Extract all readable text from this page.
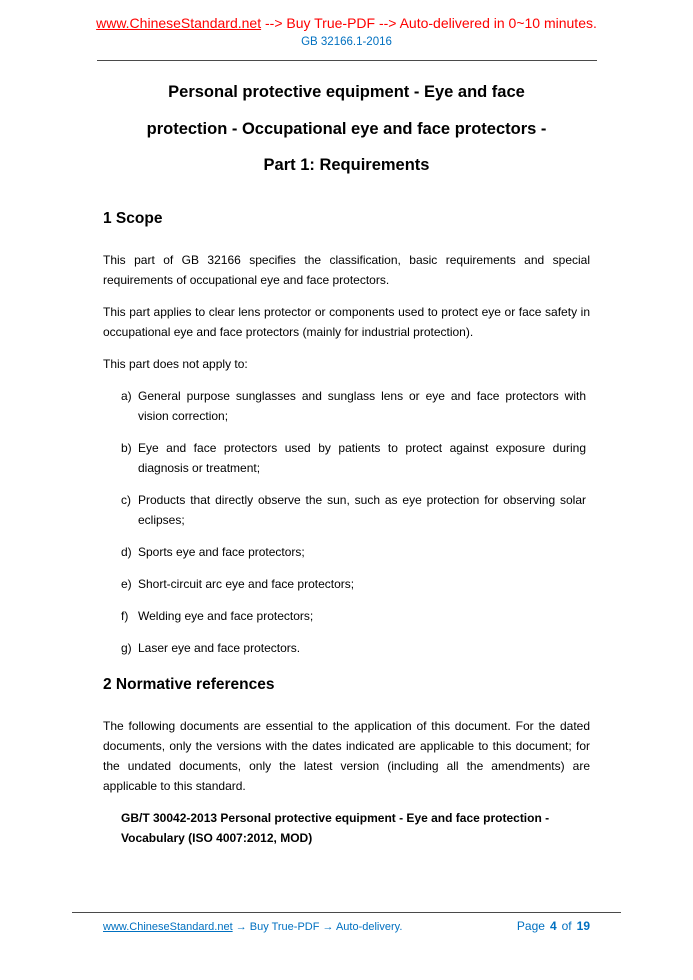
www.ChineseStandard.net --> Buy True-PDF --> Auto-delivered in 0~10 minutes.
GB 32166.1-2016
Personal protective equipment - Eye and face
protection - Occupational eye and face protectors -
Part 1: Requirements
1 Scope

This part of GB 32166 specifies the classification, basic requirements and special requirements of occupational eye and face protectors.

This part applies to clear lens protector or components used to protect eye or face safety in occupational eye and face protectors (mainly for industrial protection).

This part does not apply to:

a) General purpose sunglasses and sunglass lens or eye and face protectors with vision correction;
b) Eye and face protectors used by patients to protect against exposure during diagnosis or treatment;
c) Products that directly observe the sun, such as eye protection for observing solar eclipses;
d) Sports eye and face protectors;
e) Short-circuit arc eye and face protectors;
f) Welding eye and face protectors;
g) Laser eye and face protectors.
2 Normative references

The following documents are essential to the application of this document. For the dated documents, only the versions with the dates indicated are applicable to this document; for the undated documents, only the latest version (including all the amendments) are applicable to this standard.

GB/T 30042-2013 Personal protective equipment - Eye and face protection - Vocabulary (ISO 4007:2012, MOD)

www.ChineseStandard.net → Buy True-PDF → Auto-delivery.	Page 4 of 19
